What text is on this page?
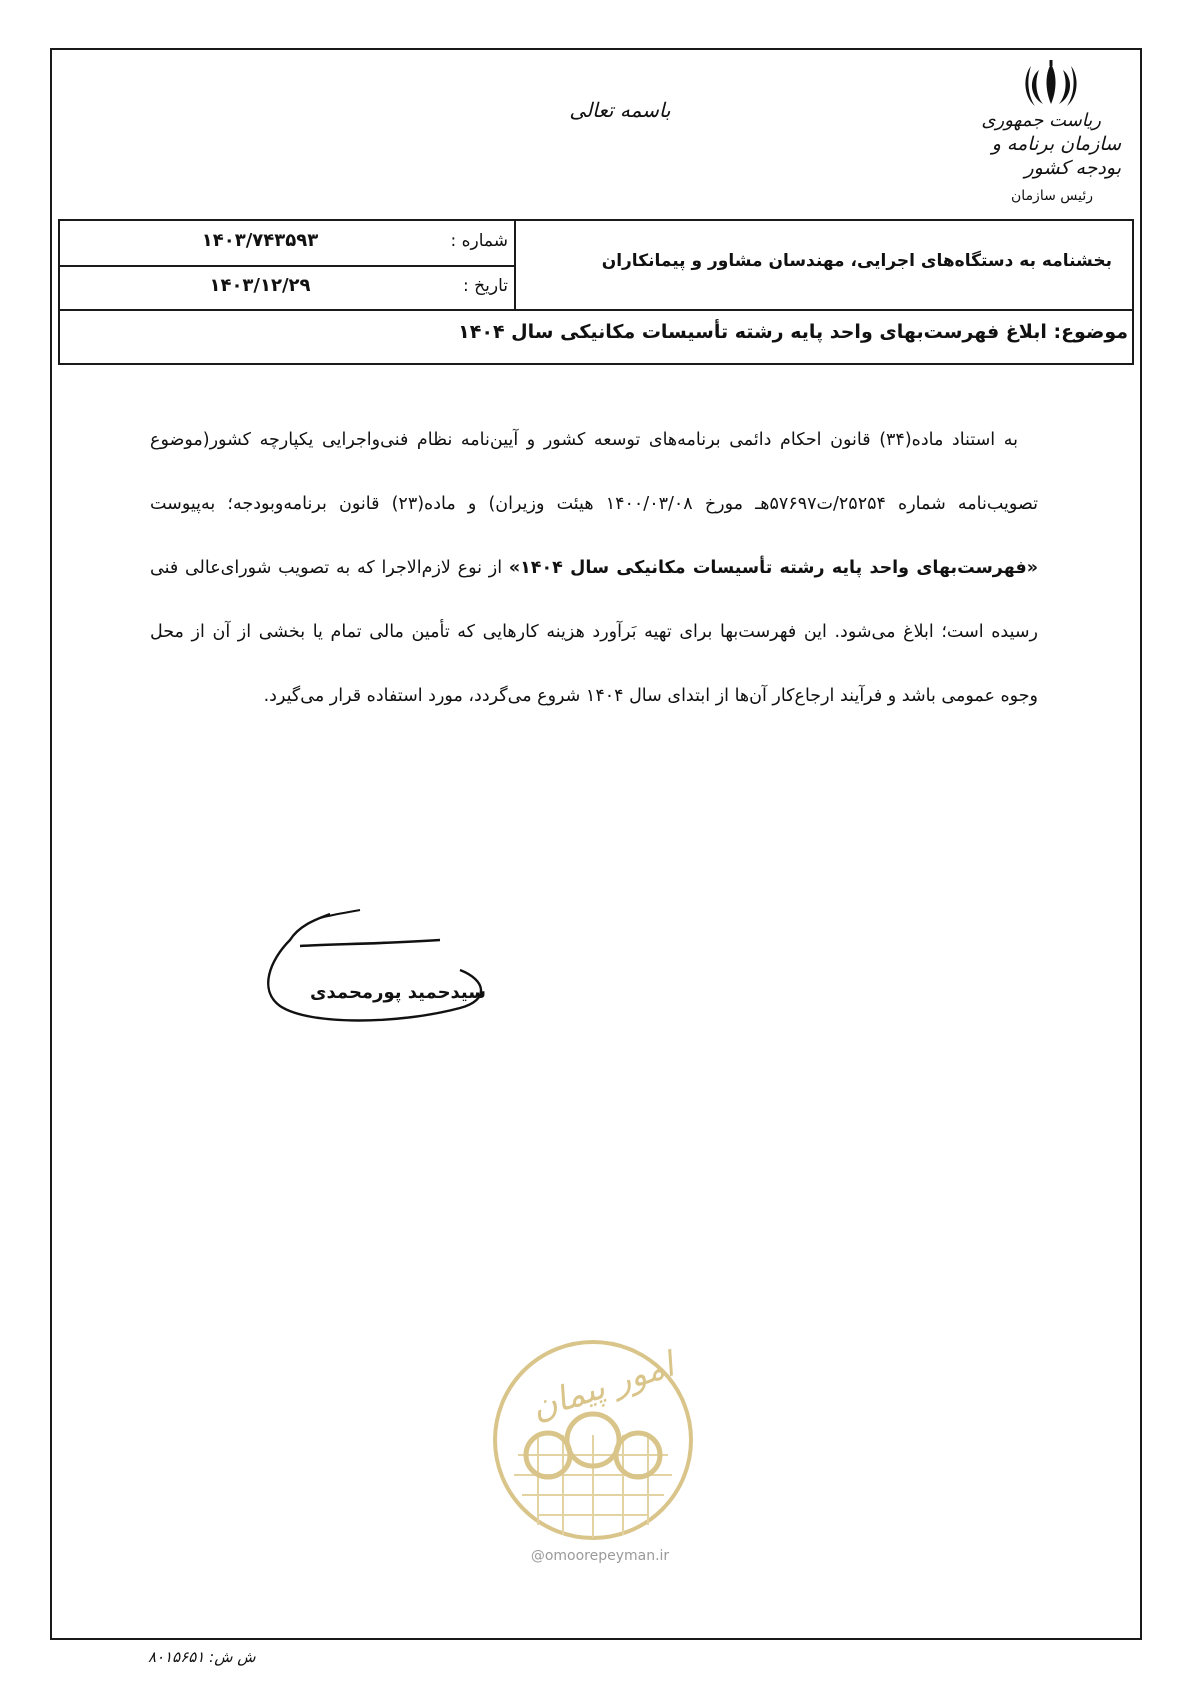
ریاست جمهوری
سازمان برنامه و بودجه کشور
رئیس سازمان
باسمه تعالی
بخشنامه به دستگاه‌های اجرایی، مهندسان مشاور و پیمانکاران
شماره :
۱۴۰۳/۷۴۳۵۹۳
تاریخ :
۱۴۰۳/۱۲/۲۹
موضوع: ابلاغ فهرست‌بهای واحد پایه رشته تأسیسات مکانیکی سال ۱۴۰۴
به استناد ماده(۳۴) قانون احکام دائمی برنامه‌های توسعه کشور و آیین‌نامه نظام فنی‌واجرایی یکپارچه کشور(موضوع تصویب‌نامه شماره ۲۵۲۵۴/ت۵۷۶۹۷هـ مورخ ۱۴۰۰/۰۳/۰۸ هیئت وزیران) و ماده(۲۳) قانون برنامه‌وبودجه؛ به‌پیوست «فهرست‌بهای واحد پایه رشته تأسیسات مکانیکی سال ۱۴۰۴» از نوع لازم‌الاجرا که به تصویب شورای‌عالی فنی رسیده است؛ ابلاغ می‌شود. این فهرست‌بها برای تهیه بَرآورد هزینه کارهایی که تأمین مالی تمام یا بخشی از آن از محل وجوه عمومی باشد و فرآیند ارجاع‌کار آن‌ها از ابتدای سال ۱۴۰۴ شروع می‌گردد، مورد استفاده قرار می‌گیرد.
سیدحمید پورمحمدی
امور پیمان
@omoorepeyman.ir
ش ش: ۸۰۱۵۶۵۱
